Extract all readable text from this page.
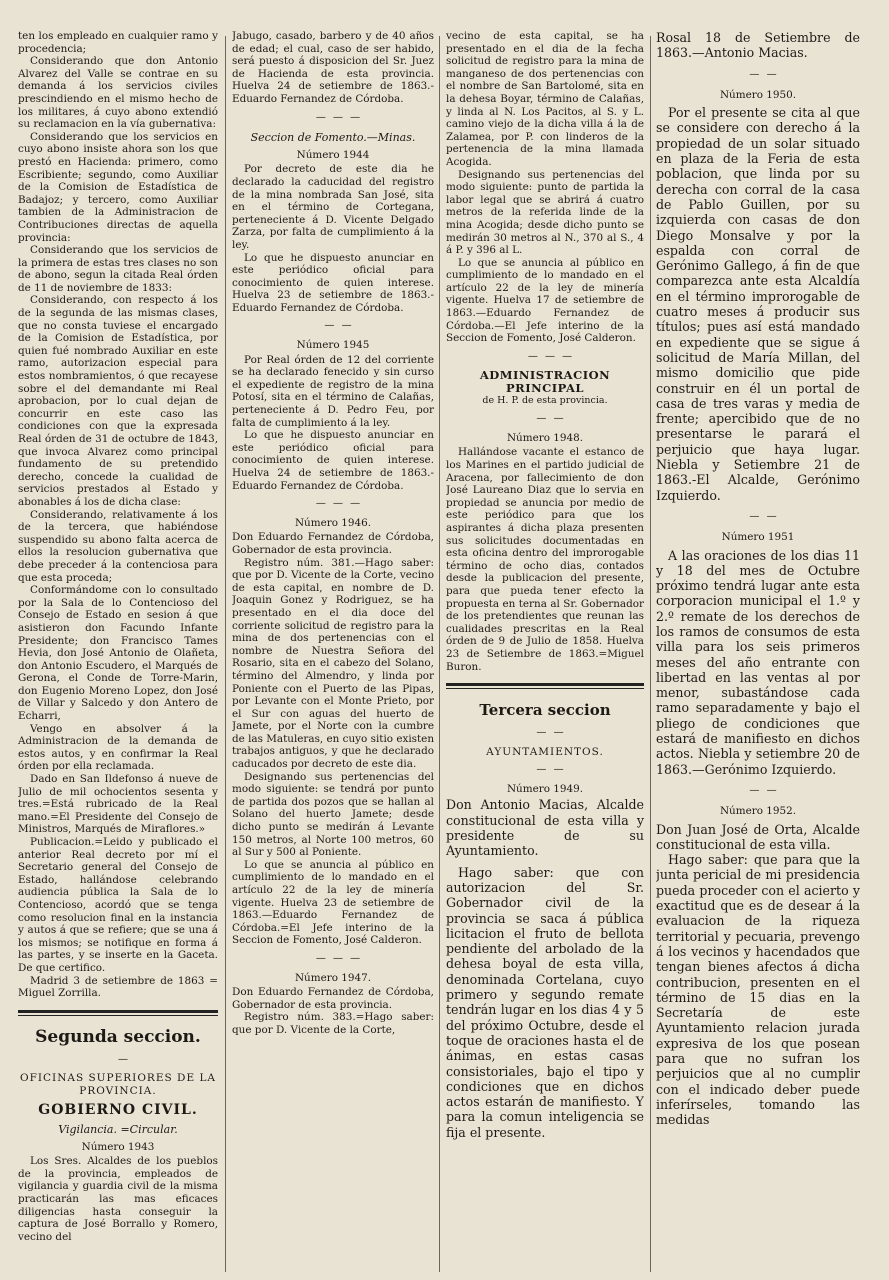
ten los empleado en cualquier ramo y procedencia;

Considerando que don Antonio Alvarez del Valle se contrae en su demanda á los servicios civiles prescindiendo en el mismo hecho de los militares, á cuyo abono extendió su reclamacion en la vía gubernativa:

Considerando que los servicios en cuyo abono insiste ahora son los que prestó en Hacienda: primero, como Escribiente; segundo, como Auxiliar de la Comision de Estadística de Badajoz; y tercero, como Auxiliar tambien de la Administracion de Contribuciones directas de aquella provincia:

Considerando que los servicios de la primera de estas tres clases no son de abono, segun la citada Real órden de 11 de noviembre de 1833:

Considerando, con respecto á los de la segunda de las mismas clases, que no consta tuviese el encargado de la Comision de Estadística, por quien fué nombrado Auxiliar en este ramo, autorizacion especial para estos nombramientos, ó que recayese sobre el del demandante mi Real aprobacion, por lo cual dejan de concurrir en este caso las condiciones con que la expresada Real órden de 31 de octubre de 1843, que invoca Alvarez como principal fundamento de su pretendido derecho, concede la cualidad de servicios prestados al Estado y abonables á los de dicha clase:

Considerando, relativamente á los de la tercera, que habiéndose suspendido su abono falta acerca de ellos la resolucion gubernativa que debe preceder á la contenciosa para que esta proceda;

Conformándome con lo consultado por la Sala de lo Contencioso del Consejo de Estado en sesion á que asistieron don Facundo Infante Presidente; don Francisco Tames Hevia, don José Antonio de Olañeta, don Antonio Escudero, el Marqués de Gerona, el Conde de Torre-Marin, don Eugenio Moreno Lopez, don José de Villar y Salcedo y don Antero de Echarri,

Vengo en absolver á la Administracion de la demanda de estos autos, y en confirmar la Real órden por ella reclamada.

Dado en San Ildefonso á nueve de Julio de mil ochocientos sesenta y tres.=Está rubricado de la Real mano.=El Presidente del Consejo de Ministros, Marqués de Miraflores.»

Publicacion.=Leido y publicado el anterior Real decreto por mí el Secretario general del Consejo de Estado, hallándose celebrando audiencia pública la Sala de lo Contencioso, acordó que se tenga como resolucion final en la instancia y autos á que se refiere; que se una á los mismos; se notifique en forma á las partes, y se inserte en la Gaceta. De que certifico.

Madrid 3 de setiembre de 1863 = Miguel Zorrilla.

Segunda seccion.

—

OFICINAS SUPERIORES DE LA PROVINCIA.

GOBIERNO CIVIL.

Vigilancia. =Circular.

Número 1943

Los Sres. Alcaldes de los pueblos de la provincia, empleados de vigilancia y guardia civil de la misma practicarán las mas eficaces diligencias hasta conseguir la captura de José Borrallo y Romero, vecino del

Jabugo, casado, barbero y de 40 años de edad; el cual, caso de ser habido, será puesto á disposicion del Sr. Juez de Hacienda de esta provincia. Huelva 24 de setiembre de 1863.-Eduardo Fernandez de Córdoba.

— — —

Seccion de Fomento.—Minas.

Número 1944

Por decreto de este dia he declarado la caducidad del registro de la mina nombrada San José, sita en el término de Cortegana, perteneciente á D. Vicente Delgado Zarza, por falta de cumplimiento á la ley.

Lo que he dispuesto anunciar en este periódico oficial para conocimiento de quien interese. Huelva 23 de setiembre de 1863.-Eduardo Fernandez de Córdoba.

— —

Número 1945

Por Real órden de 12 del corriente se ha declarado fenecido y sin curso el expediente de registro de la mina Potosí, sita en el término de Calañas, perteneciente á D. Pedro Feu, por falta de cumplimiento á la ley.

Lo que he dispuesto anunciar en este periódico oficial para conocimiento de quien interese. Huelva 24 de setiembre de 1863.-Eduardo Fernandez de Córdoba.

— — —

Número 1946.

Don Eduardo Fernandez de Córdoba, Gobernador de esta provincia.

Registro núm. 381.—Hago saber: que por D. Vicente de la Corte, vecino de esta capital, en nombre de D. Joaquin Gonez y Rodriguez, se ha presentado en el dia doce del corriente solicitud de registro para la mina de dos pertenencias con el nombre de Nuestra Señora del Rosario, sita en el cabezo del Solano, término del Almendro, y linda por Poniente con el Puerto de las Pipas, por Levante con el Monte Prieto, por el Sur con aguas del huerto de Jamete, por el Norte con la cumbre de las Matuleras, en cuyo sitio existen trabajos antiguos, y que he declarado caducados por decreto de este dia.

Designando sus pertenencias del modo siguiente: se tendrá por punto de partida dos pozos que se hallan al Solano del huerto Jamete; desde dicho punto se medirán á Levante 150 metros, al Norte 100 metros, 60 al Sur y 500 al Poniente.

Lo que se anuncia al público en cumplimiento de lo mandado en el artículo 22 de la ley de minería vigente. Huelva 23 de setiembre de 1863.—Eduardo Fernandez de Córdoba.=El Jefe interino de la Seccion de Fomento, José Calderon.

— — —

Número 1947.

Don Eduardo Fernandez de Córdoba, Gobernador de esta provincia.

Registro núm. 383.=Hago saber: que por D. Vicente de la Corte,

vecino de esta capital, se ha presentado en el dia de la fecha solicitud de registro para la mina de manganeso de dos pertenencias con el nombre de San Bartolomé, sita en la dehesa Boyar, término de Calañas, y linda al N. Los Pacitos, al S. y L. camino viejo de la dicha villa á la de Zalamea, por P. con linderos de la pertenencia de la mina llamada Acogida.

Designando sus pertenencias del modo siguiente: punto de partida la labor legal que se abrirá á cuatro metros de la referida linde de la mina Acogida; desde dicho punto se medirán 30 metros al N., 370 al S., 4 á P. y 396 al L.

Lo que se anuncia al público en cumplimiento de lo mandado en el artículo 22 de la ley de minería vigente. Huelva 17 de setiembre de 1863.—Eduardo Fernandez de Córdoba.—El Jefe interino de la Seccion de Fomento, José Calderon.

— — —

ADMINISTRACION PRINCIPAL

de H. P. de esta provincia.

— —

Número 1948.

Hallándose vacante el estanco de los Marines en el partido judicial de Aracena, por fallecimiento de don José Laureano Diaz que lo servia en propiedad se anuncia por medio de este periódico para que los aspirantes á dicha plaza presenten sus solicitudes documentadas en esta oficina dentro del improrogable término de ocho dias, contados desde la publicacion del presente, para que pueda tener efecto la propuesta en terna al Sr. Gobernador de los pretendientes que reunan las cualidades prescritas en la Real órden de 9 de Julio de 1858. Huelva 23 de Setiembre de 1863.=Miguel Buron.

Tercera seccion

— —

AYUNTAMIENTOS.

— —

Número 1949.

Don Antonio Macias, Alcalde constitucional de esta villa y presidente de su Ayuntamiento.

Hago saber: que con autorizacion del Sr. Gobernador civil de la provincia se saca á pública licitacion el fruto de bellota pendiente del arbolado de la dehesa boyal de esta villa, denominada Cortelana, cuyo primero y segundo remate tendrán lugar en los dias 4 y 5 del próximo Octubre, desde el toque de oraciones hasta el de ánimas, en estas casas consistoriales, bajo el tipo y condiciones que en dichos actos estarán de manifiesto. Y para la comun inteligencia se fija el presente.

Rosal 18 de Setiembre de 1863.—Antonio Macias.

— —

Número 1950.

Por el presente se cita al que se considere con derecho á la propiedad de un solar situado en plaza de la Feria de esta poblacion, que linda por su derecha con corral de la casa de Pablo Guillen, por su izquierda con casas de don Diego Monsalve y por la espalda con corral de Gerónimo Gallego, á fin de que comparezca ante esta Alcaldía en el término improrogable de cuatro meses á producir sus títulos; pues así está mandado en expediente que se sigue á solicitud de María Millan, del mismo domicilio que pide construir en él un portal de casa de tres varas y media de frente; apercibido que de no presentarse le parará el perjuicio que haya lugar. Niebla y Setiembre 21 de 1863.-El Alcalde, Gerónimo Izquierdo.

— —

Número 1951

A las oraciones de los dias 11 y 18 del mes de Octubre próximo tendrá lugar ante esta corporacion municipal el 1.º y 2.º remate de los derechos de los ramos de consumos de esta villa para los seis primeros meses del año entrante con libertad en las ventas al por menor, subastándose cada ramo separadamente y bajo el pliego de condiciones que estará de manifiesto en dichos actos. Niebla y setiembre 20 de 1863.—Gerónimo Izquierdo.

— —

Número 1952.

Don Juan José de Orta, Alcalde constitucional de esta villa.

Hago saber: que para que la junta pericial de mi presidencia pueda proceder con el acierto y exactitud que es de desear á la evaluacion de la riqueza territorial y pecuaria, prevengo á los vecinos y hacendados que tengan bienes afectos á dicha contribucion, presenten en el término de 15 dias en la Secretaría de este Ayuntamiento relacion jurada expresiva de los que posean para que no sufran los perjuicios que al no cumplir con el indicado deber puede inferírseles, tomando las medidas
